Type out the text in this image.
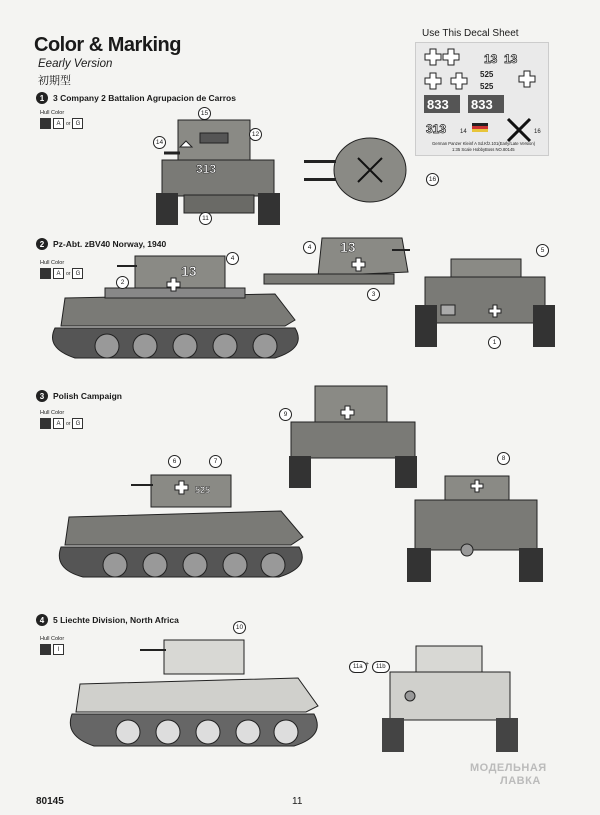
Color & Marking
Eearly Version
初期型
Use This Decal Sheet
13 13
525
525
833 833
313 14	16
German Panzer Kleinf A Sd.Kfz.101(Early/Late Version)
1:35 Scale HobbyBoss NO.80145
1	3 Company 2 Battalion Agrupacion de Carros
Hull Color
A	or G
313
15
14
12
11
16
2	Pz-Abt. zBV40 Norway, 1940
Hull Color
A	or G	13
4
2
13
4
3
5
1
3	Polish Campaign
Hull Color
A	or G
9
525
6	7	8
4	5 Liechte Division, North Africa
Hull Color
I
10
11a +	11b
80145	11
МОДЕЛЬНАЯ
ЛАВКА
